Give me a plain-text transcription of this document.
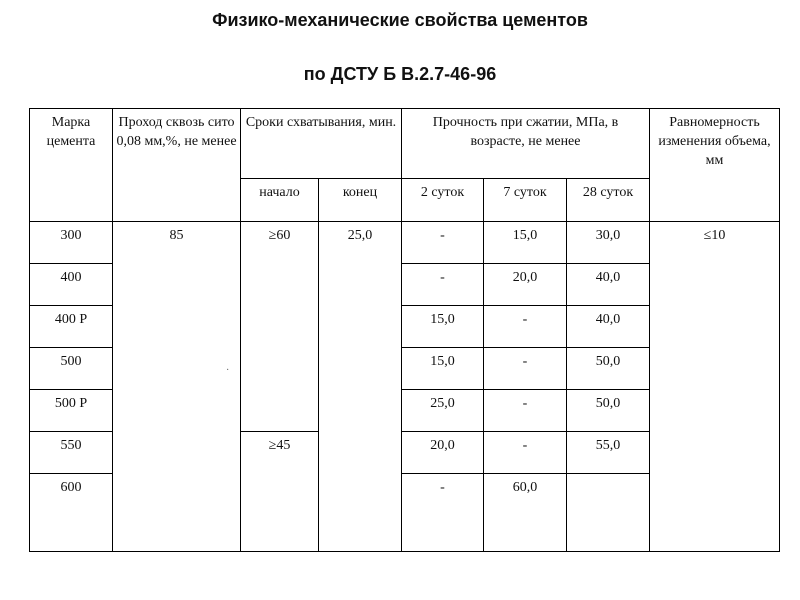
Физико-механические свойства цементов
по ДСТУ Б В.2.7-46-96
Марка цемента	Проход сквозь сито 0,08 мм,%, не менее	Сроки схватывания, мин.		Прочность при сжатии, МПа, в возрасте, не менее			Равномерность изменения объема, мм
		начало	конец	2 суток	7 суток	28 суток	
300	85	≥60	25,0	-	15,0	30,0	≤10
400				-	20,0	40,0	
400 Р				15,0	-	40,0	
500				15,0	-	50,0	
500 Р				25,0	-	50,0	
550		≥45		20,0	-	55,0	
600				-	60,0		
·
